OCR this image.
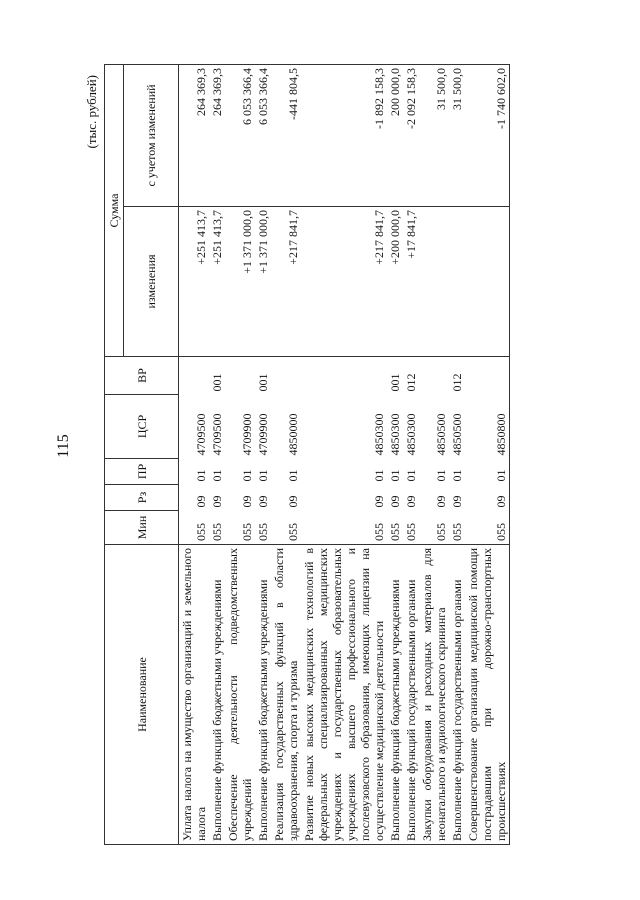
115
(тыс. рублей)
Наименование	Мин	Рз	ПР	ЦСР	ВР	Сумма	
						изменения	с учетом изменений
Уплата налога на имущество организаций и земельного налога	055	09	01	4709500		+251 413,7	264 369,3
Выполнение функций бюджетными учреждениями	055	09	01	4709500	001	+251 413,7	264 369,3
Обеспечение деятельности подведомственных учреждений	055	09	01	4709900		+1 371 000,0	6 053 366,4
Выполнение функций бюджетными учреждениями	055	09	01	4709900	001	+1 371 000,0	6 053 366,4
Реализация государственных функций в области здравоохранения, спорта и туризма	055	09	01	4850000		+217 841,7	-441 804,5
Развитие новых высоких медицинских технологий в федеральных специализированных медицинских учреждениях и государственных образовательных учреждениях высшего профессионального и послевузовского образования, имеющих лицензии на осуществление медицинской деятельности	055	09	01	4850300		+217 841,7	-1 892 158,3
Выполнение функций бюджетными учреждениями	055	09	01	4850300	001	+200 000,0	200 000,0
Выполнение функций государственными органами	055	09	01	4850300	012	+17 841,7	-2 092 158,3
Закупки оборудования и расходных материалов для неонатального и аудиологического скрининга	055	09	01	4850500			31 500,0
Выполнение функций государственными органами	055	09	01	4850500	012		31 500,0
Совершенствование организации медицинской помощи пострадавшим при дорожно-транспортных происшествиях	055	09	01	4850800			-1 740 602,0
